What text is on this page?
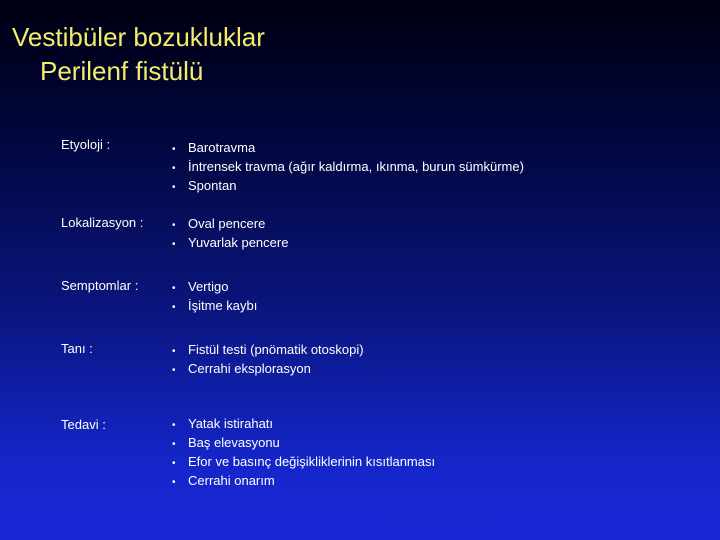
Vestibüler bozukluklar
Perilenf fistülü
Etyoloji :	• Barotravma
• İntrensek travma (ağır kaldırma, ıkınma, burun sümkürme)
• Spontan
Lokalizasyon :	• Oval pencere
• Yuvarlak pencere
Semptomlar :	• Vertigo
• İşitme kaybı
Tanı :	• Fistül testi (pnömatik otoskopi)
• Cerrahi eksplorasyon
Tedavi :	• Yatak istirahatı
• Baş elevasyonu
• Efor ve basınç değişikliklerinin kısıtlanması
• Cerrahi onarım
